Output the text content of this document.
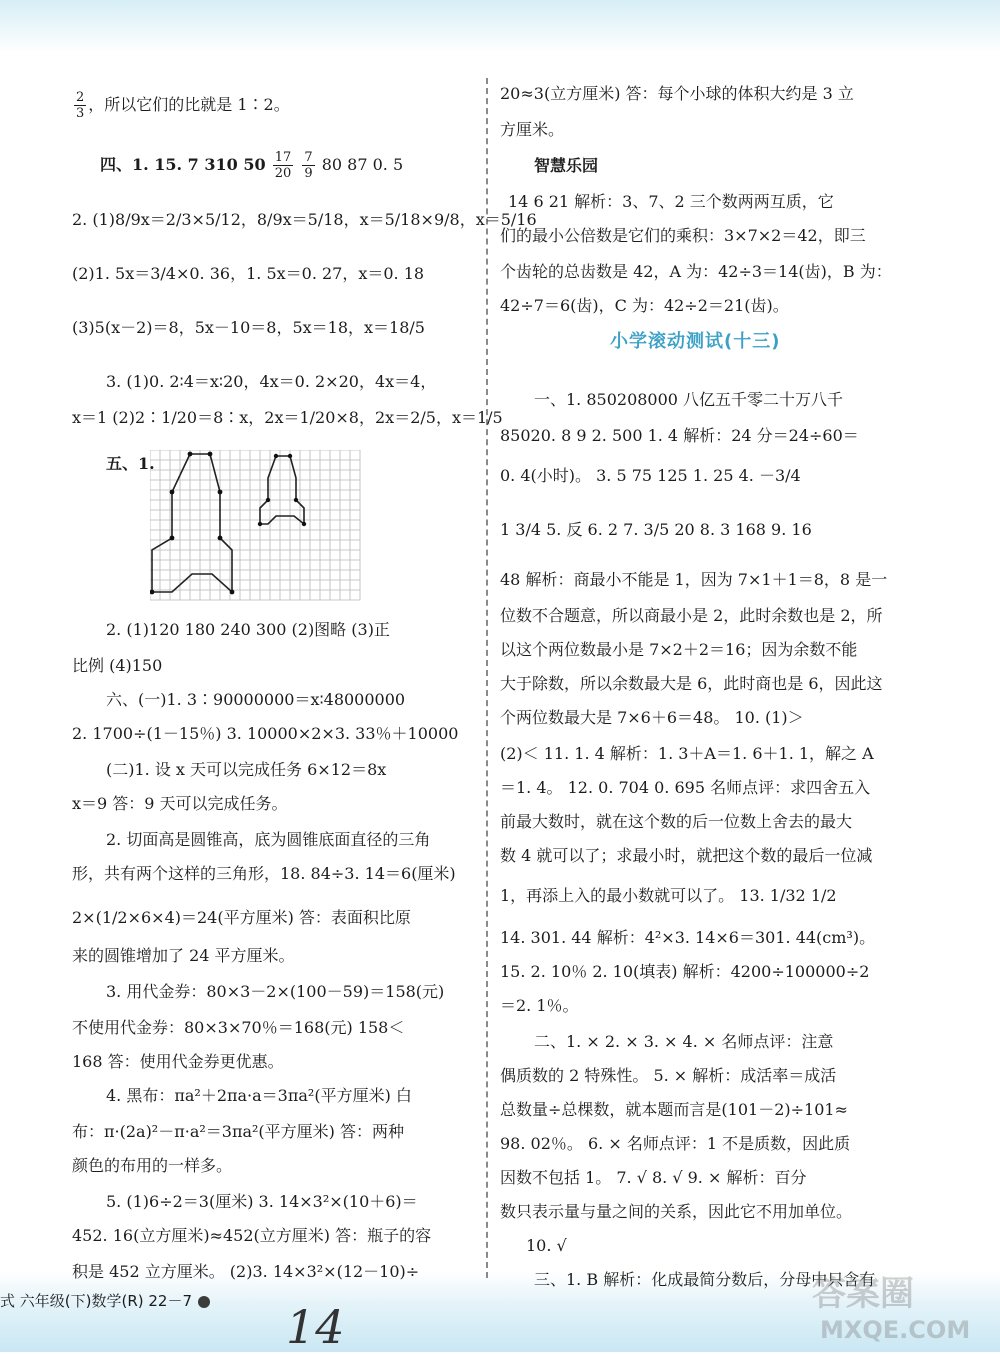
$\frac{2}{3}$ ，所以它们的比就是 1∶2。
四、1. 15. 7 310 $50 \frac{17}{20}$
$\frac{7}{9} 80$ 87 0. 5
2. (1)8/9x＝2/3×5/12，8/9x＝5/18，x＝5/18×9/8，x＝5/16
(2)1. 5x＝3/4×0. 36，1. 5x＝0. 27，x＝0. 18
(3)5(x－2)＝8，5x－10＝8，5x＝18，x＝18/5
3. (1)0. 2∶4＝x∶20，4x＝0. 2×20，4x＝4，
x＝1 (2)2∶1/20＝8∶x，2x＝1/20×8，2x＝2/5，x＝1/5
五、1.
2. (1)120 180 240 300 (2)图略 (3)正
比例 (4)150
六、(一)1. 3∶90000000＝x∶48000000
2. 1700÷(1－15％) 3. 10000×2×3. 33％＋10000
(二)1. 设 x 天可以完成任务 6×12＝8x
x＝9 答：9 天可以完成任务。
2. 切面高是圆锥高，底为圆锥底面直径的三角
形，共有两个这样的三角形，18. 84÷3. 14＝6(厘米)
2×(1/2×6×4)＝24(平方厘米) 答：表面积比原
来的圆锥增加了 24 平方厘米。
3. 用代金券：80×3－2×(100－59)＝158(元)
不使用代金券：80×3×70％＝168(元) 158＜
168 答：使用代金券更优惠。
4. 黑布：πa²＋2πa·a＝3πa²(平方厘米) 白
布：π·(2a)²－π·a²＝3πa²(平方厘米) 答：两种
颜色的布用的一样多。
5. (1)6÷2＝3(厘米) 3. 14×3²×(10＋6)＝
452. 16(立方厘米)≈452(立方厘米) 答：瓶子的容
积是 452 立方厘米。 (2)3. 14×3²×(12－10)÷
20≈3(立方厘米) 答：每个小球的体积大约是 3 立
方厘米。
智慧乐园
14 6 21 解析：3、7、2 三个数两两互质，它
们的最小公倍数是它们的乘积：3×7×2＝42，即三
个齿轮的总齿数是 42，A 为：42÷3＝14(齿)，B 为：
42÷7＝6(齿)，C 为：42÷2＝21(齿)。
小学滚动测试(十三)
一、1. 850208000 八亿五千零二十万八千
85020. 8 9 2. 500 1. 4 解析：24 分＝24÷60＝
0. 4(小时)。 3. 5 75 125 1. 25 4. －3/4
1 3/4 5. 反 6. 2 7. 3/5 20 8. 3 168 9. 16
48 解析：商最小不能是 1，因为 7×1＋1＝8，8 是一
位数不合题意，所以商最小是 2，此时余数也是 2，所
以这个两位数最小是 7×2＋2＝16；因为余数不能
大于除数，所以余数最大是 6，此时商也是 6，因此这
个两位数最大是 7×6＋6＝48。 10. (1)＞
(2)＜ 11. 1. 4 解析：1. 3＋A＝1. 6＋1. 1，解之 A
＝1. 4。 12. 0. 704 0. 695 名师点评：求四舍五入
前最大数时，就在这个数的后一位数上舍去的最大
数 4 就可以了；求最小时，就把这个数的最后一位减
1，再添上入的最小数就可以了。 13. 1/32 1/2
14. 301. 44 解析：4²×3. 14×6＝301. 44(cm³)。
15. 2. 10％ 2. 10(填表) 解析：4200÷100000÷2
＝2. 1％。
二、1. × 2. × 3. × 4. × 名师点评：注意
偶质数的 2 特殊性。 5. × 解析：成活率＝成活
总数量÷总棵数，就本题而言是(101－2)÷101≈
98. 02％。 6. × 名师点评：1 不是质数，因此质
因数不包括 1。 7. √ 8. √ 9. × 解析：百分
数只表示量与量之间的关系，因此它不用加单位。
10. √
三、1. B 解析：化成最简分数后，分母中只含有
式 六年级(下)数学(R) 22－7	14
答案圈
MXQE.COM
